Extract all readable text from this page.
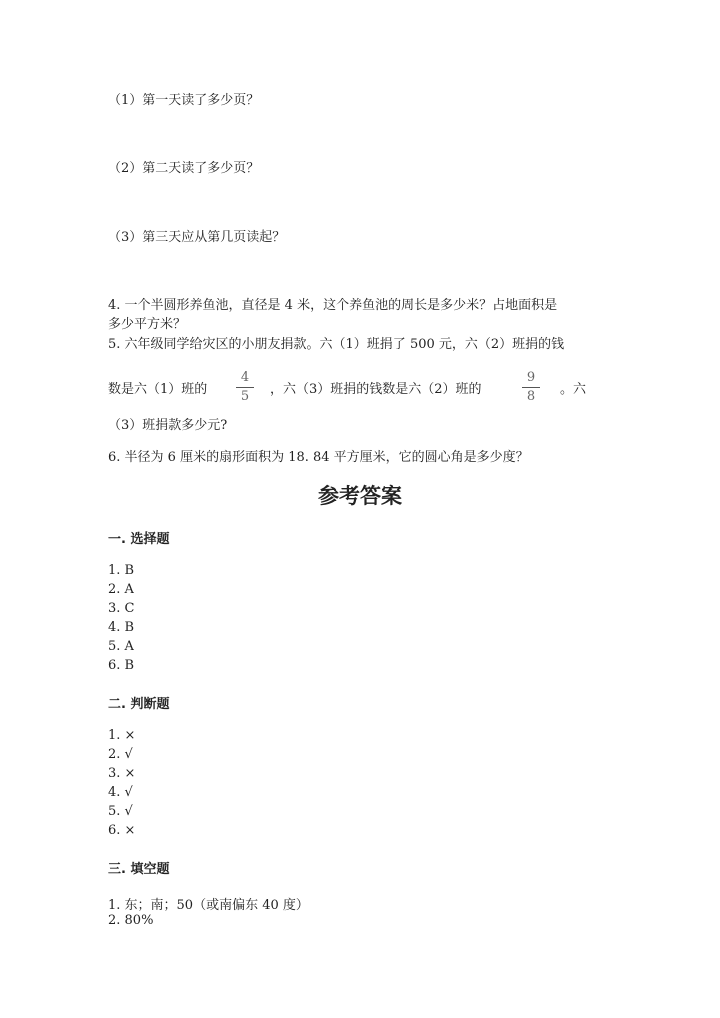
（1）第一天读了多少页？
（2）第二天读了多少页？
（3）第三天应从第几页读起？
4. 一个半圆形养鱼池，直径是 4 米，这个养鱼池的周长是多少米？占地面积是
多少平方米？
5. 六年级同学给灾区的小朋友捐款。六（1）班捐了 500 元，六（2）班捐的钱
数是六（1）班的
4
5	，六（3）班捐的钱数是六（2）班的
9
8	。六
（3）班捐款多少元?
6. 半径为 6 厘米的扇形面积为 18. 84 平方厘米，它的圆心角是多少度？
参考答案
一. 选择题
1. B
2. A
3. C
4. B
5. A
6. B
二. 判断题
1. ×
2. √
3. ×
4. √
5. √
6. ×
三. 填空题
1. 东；南；50（或南偏东 40 度）
2. 80%
